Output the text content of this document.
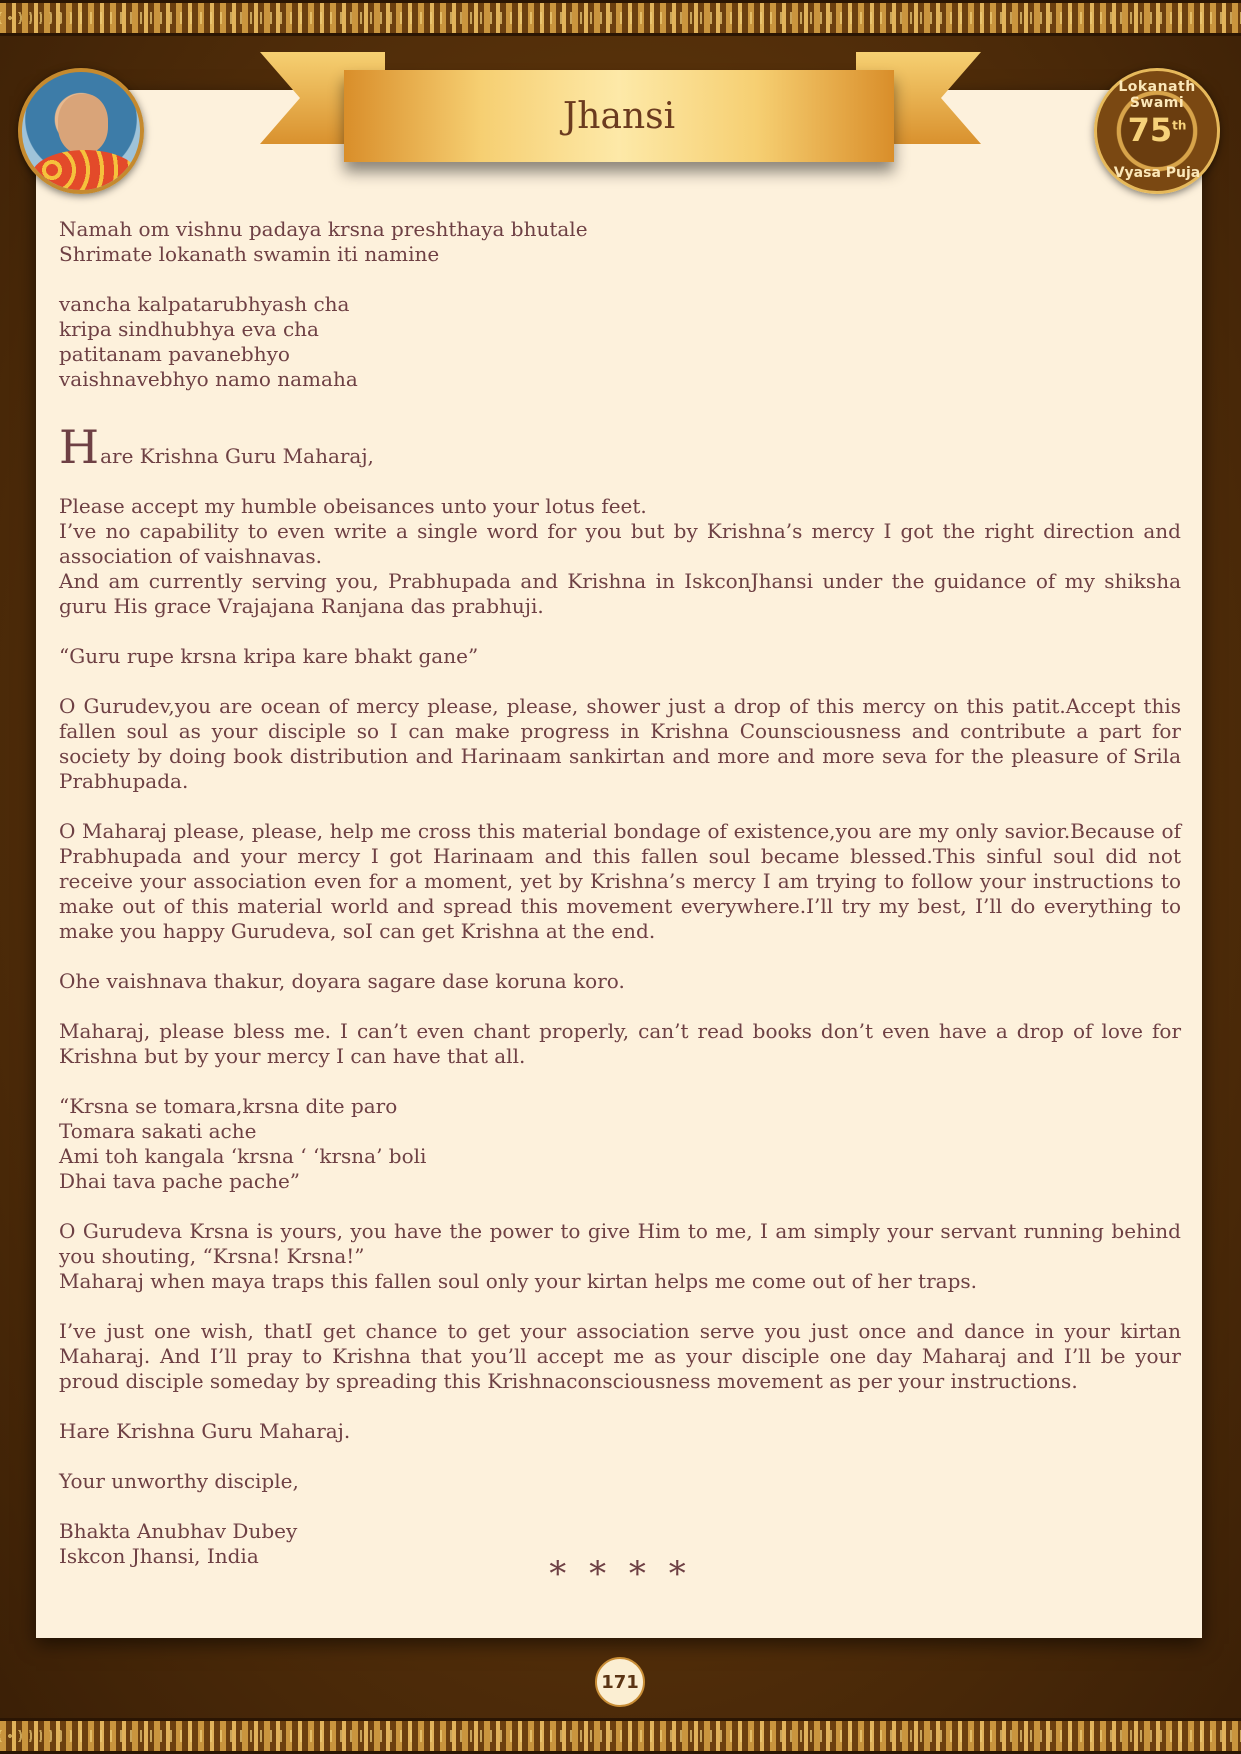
Lokanath Swami
75th
Vyasa Puja
Jhansi

Namah om vishnu padaya krsna preshthaya bhutale

Shrimate lokanath swamin iti namine

vancha kalpatarubhyash cha

kripa sindhubhya eva cha

patitanam pavanebhyo

vaishnavebhyo namo namaha

Hare Krishna Guru Maharaj,

Please accept my humble obeisances unto your lotus feet.

I’ve no capability to even write a single word for you but by Krishna’s mercy I got the right direction and association of vaishnavas.

And am currently serving you, Prabhupada and Krishna in IskconJhansi under the guidance of my shiksha guru His grace Vrajajana Ranjana das prabhuji.

“Guru rupe krsna kripa kare bhakt gane”

O Gurudev,you are ocean of mercy please, please, shower just a drop of this mercy on this patit.Accept this fallen soul as your disciple so I can make progress in Krishna Counsciousness and contribute a part for society by doing book distribution and Harinaam sankirtan and more and more seva for the pleasure of Srila Prabhupada.

O Maharaj please, please, help me cross this material bondage of existence,you are my only savior.Because of Prabhupada and your mercy I got Harinaam and this fallen soul became blessed.This sinful soul did not receive your association even for a moment, yet by Krishna’s mercy I am trying to follow your instructions to make out of this material world and spread this movement everywhere.I’ll try my best, I’ll do everything to make you happy Gurudeva, soI can get Krishna at the end.

Ohe vaishnava thakur, doyara sagare dase koruna koro.

Maharaj, please bless me. I can’t even chant properly, can’t read books don’t even have a drop of love for Krishna but by your mercy I can have that all.

“Krsna se tomara,krsna dite paro

Tomara sakati ache

Ami toh kangala ‘krsna ‘ ‘krsna’ boli

Dhai tava pache pache”

O Gurudeva Krsna is yours, you have the power to give Him to me, I am simply your servant running behind you shouting, “Krsna! Krsna!”

Maharaj when maya traps this fallen soul only your kirtan helps me come out of her traps.

I’ve just one wish, thatI get chance to get your association serve you just once and dance in your kirtan Maharaj. And I’ll pray to Krishna that you’ll accept me as your disciple one day Maharaj and I’ll be your proud disciple someday by spreading this Krishnaconsciousness movement as per your instructions.

Hare Krishna Guru Maharaj.

Your unworthy disciple,

Bhakta Anubhav Dubey

Iskcon Jhansi, India	* * * *
171
